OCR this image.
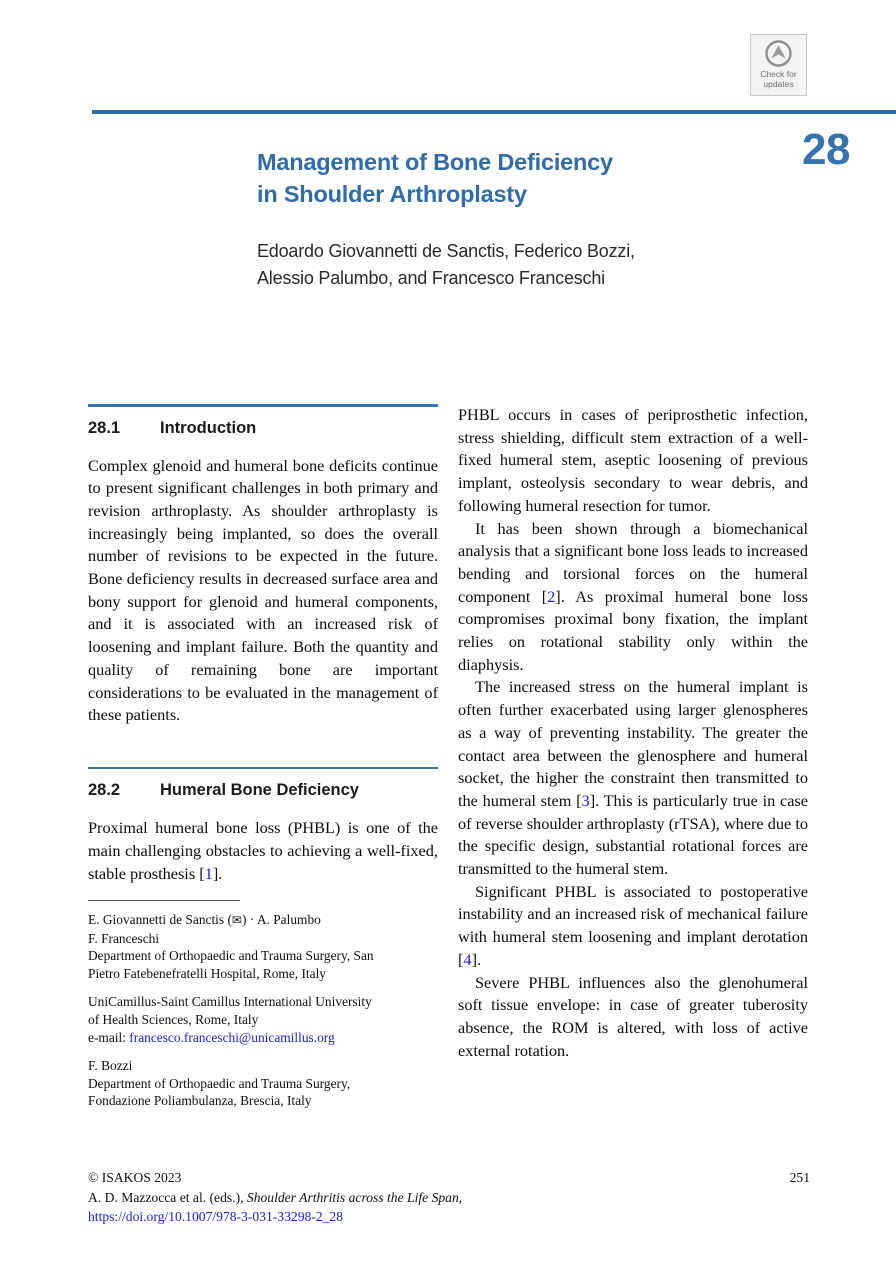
Check for
updates
28
Management of Bone Deficiency
in Shoulder Arthroplasty
Edoardo Giovannetti de Sanctis, Federico Bozzi,
Alessio Palumbo, and Francesco Franceschi
28.1	Introduction

Complex glenoid and humeral bone deficits continue to present significant challenges in both primary and revision arthroplasty. As shoulder arthroplasty is increasingly being implanted, so does the overall number of revisions to be expected in the future. Bone deficiency results in decreased surface area and bony support for glenoid and humeral components, and it is associated with an increased risk of loosening and implant failure. Both the quantity and quality of remaining bone are important considerations to be evaluated in the management of these patients.

28.2	Humeral Bone Deficiency

Proximal humeral bone loss (PHBL) is one of the main challenging obstacles to achieving a well-fixed, stable prosthesis [1].

PHBL occurs in cases of periprosthetic infection, stress shielding, difficult stem extraction of a well-fixed humeral stem, aseptic loosening of previous implant, osteolysis secondary to wear debris, and following humeral resection for tumor.

It has been shown through a biomechanical analysis that a significant bone loss leads to increased bending and torsional forces on the humeral component [2]. As proximal humeral bone loss compromises proximal bony fixation, the implant relies on rotational stability only within the diaphysis.

The increased stress on the humeral implant is often further exacerbated using larger glenospheres as a way of preventing instability. The greater the contact area between the glenosphere and humeral socket, the higher the constraint then transmitted to the humeral stem [3]. This is particularly true in case of reverse shoulder arthroplasty (rTSA), where due to the specific design, substantial rotational forces are transmitted to the humeral stem.

Significant PHBL is associated to postoperative instability and an increased risk of mechanical failure with humeral stem loosening and implant derotation [4].

Severe PHBL influences also the glenohumeral soft tissue envelope: in case of greater tuberosity absence, the ROM is altered, with loss of active external rotation.

E. Giovannetti de Sanctis (✉) · A. Palumbo
F. Franceschi
Department of Orthopaedic and Trauma Surgery, San
Pietro Fatebenefratelli Hospital, Rome, Italy
UniCamillus-Saint Camillus International University
of Health Sciences, Rome, Italy
e-mail: francesco.franceschi@unicamillus.org
F. Bozzi
Department of Orthopaedic and Trauma Surgery,
Fondazione Poliambulanza, Brescia, Italy
© ISAKOS 2023	251
A. D. Mazzocca et al. (eds.), Shoulder Arthritis across the Life Span,
https://doi.org/10.1007/978-3-031-33298-2_28
